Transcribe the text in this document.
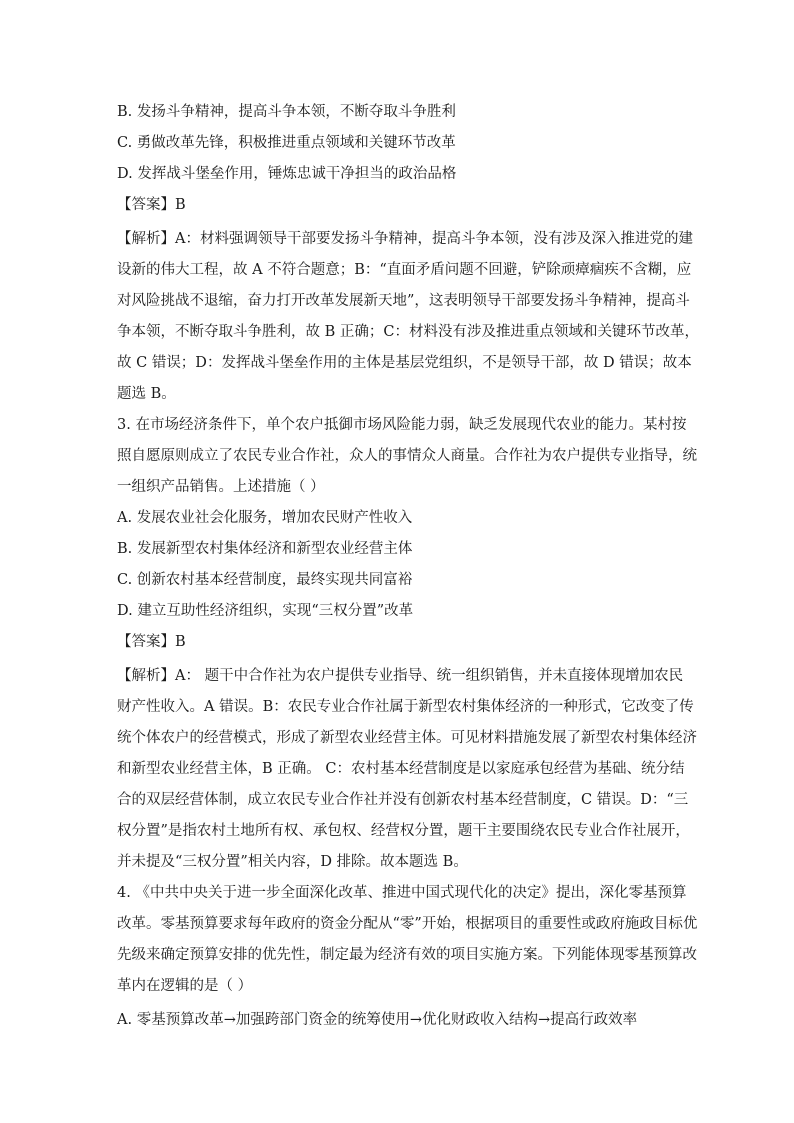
B. 发扬斗争精神，提高斗争本领，不断夺取斗争胜利
C. 勇做改革先锋，积极推进重点领域和关键环节改革
D. 发挥战斗堡垒作用，锤炼忠诚干净担当的政治品格
【答案】B
【解析】A：材料强调领导干部要发扬斗争精神，提高斗争本领，没有涉及深入推进党的建
设新的伟大工程，故 A 不符合题意；B：“直面矛盾问题不回避，铲除顽瘴痼疾不含糊，应
对风险挑战不退缩，奋力打开改革发展新天地”，这表明领导干部要发扬斗争精神，提高斗
争本领，不断夺取斗争胜利，故 B 正确；C：材料没有涉及推进重点领域和关键环节改革，
故 C 错误；D：发挥战斗堡垒作用的主体是基层党组织，不是领导干部，故 D 错误；故本
题选 B。
3. 在市场经济条件下，单个农户抵御市场风险能力弱，缺乏发展现代农业的能力。某村按
照自愿原则成立了农民专业合作社，众人的事情众人商量。合作社为农户提供专业指导，统
一组织产品销售。上述措施（ ）
A. 发展农业社会化服务，增加农民财产性收入
B. 发展新型农村集体经济和新型农业经营主体
C. 创新农村基本经营制度，最终实现共同富裕
D. 建立互助性经济组织，实现“三权分置”改革
【答案】B
【解析】A： 题干中合作社为农户提供专业指导、统一组织销售，并未直接体现增加农民
财产性收入。A 错误。B：农民专业合作社属于新型农村集体经济的一种形式，它改变了传
统个体农户的经营模式，形成了新型农业经营主体。可见材料措施发展了新型农村集体经济
和新型农业经营主体，B 正确。 C：农村基本经营制度是以家庭承包经营为基础、统分结
合的双层经营体制，成立农民专业合作社并没有创新农村基本经营制度，C 错误。D：“三
权分置”是指农村土地所有权、承包权、经营权分置，题干主要围绕农民专业合作社展开，
并未提及“三权分置”相关内容，D 排除。故本题选 B。
4. 《中共中央关于进一步全面深化改革、推进中国式现代化的决定》提出，深化零基预算
改革。零基预算要求每年政府的资金分配从“零”开始，根据项目的重要性或政府施政目标优
先级来确定预算安排的优先性，制定最为经济有效的项目实施方案。下列能体现零基预算改
革内在逻辑的是（ ）
A. 零基预算改革→加强跨部门资金的统筹使用→优化财政收入结构→提高行政效率
